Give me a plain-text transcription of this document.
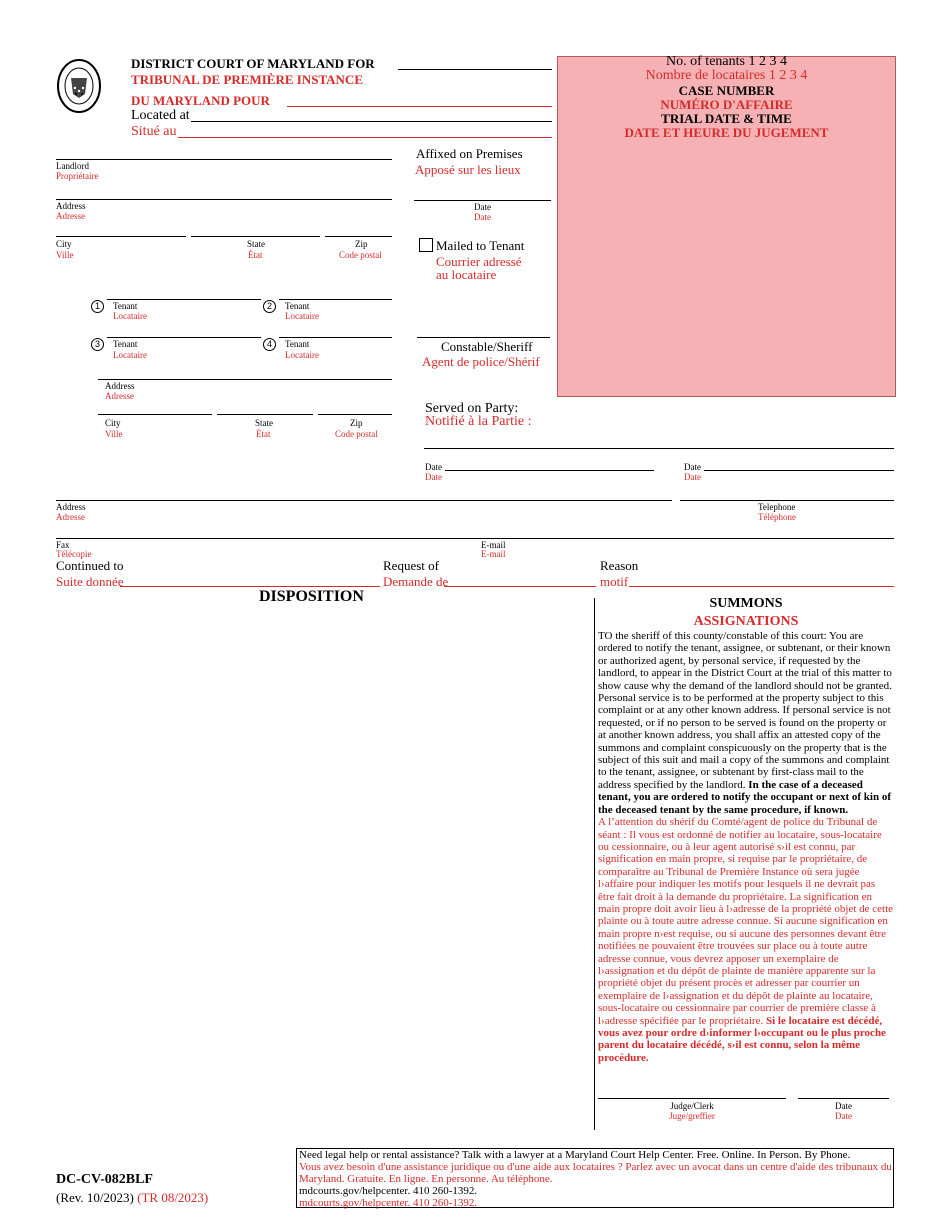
DISTRICT COURT OF MARYLAND FOR
TRIBUNAL DE PREMIÈRE INSTANCE
DU MARYLAND POUR
Located at
Situé au
No. of tenants 1 2 3 4
Nombre de locataires 1 2 3 4
CASE NUMBER
NUMÉRO D'AFFAIRE
TRIAL DATE & TIME
DATE ET HEURE DU JUGEMENT
Landlord
Propriétaire
Address
Adresse
City
Ville
State
État
Zip
Code postal
Affixed on Premises
Apposé sur les lieux
Date
Date
Mailed to Tenant
Courrier adressé
au locataire
1	Tenant
Locataire
2	Tenant
Locataire
3	Tenant
Locataire
4	Tenant
Locataire
Address
Adresse
City
Ville
State
État
Zip
Code postal
Constable/Sheriff
Agent de police/Shérif
Served on Party:
Notifié à la Partie :
Date
Date
Date
Date
Address
Adresse
Telephone
Téléphone
Fax
Télécopie
E-mail
E-mail
Continued to
Suite donnée
Request of
Demande de
Reason
motif
DISPOSITION	SUMMONS
ASSIGNATIONS

TO the sheriff of this county/constable of this court: You are ordered to notify the tenant, assignee, or subtenant, or their known or authorized agent, by personal service, if requested by the landlord, to appear in the District Court at the trial of this matter to show cause why the demand of the landlord should not be granted. Personal service is to be performed at the property subject to this complaint or at any other known address. If personal service is not requested, or if no person to be served is found on the property or at another known address, you shall affix an attested copy of the summons and complaint conspicuously on the property that is the subject of this suit and mail a copy of the summons and complaint to the tenant, assignee, or subtenant by first-class mail to the address specified by the landlord. In the case of a deceased tenant, you are ordered to notify the occupant or next of kin of the deceased tenant by the same procedure, if known.

A l’attention du shérif du Comté/agent de police du Tribunal de séant : Il vous est ordonné de notifier au locataire, sous-locataire ou cessionnaire, ou à leur agent autorisé s›il est connu, par signification en main propre, si requise par le propriétaire, de comparaître au Tribunal de Première Instance où sera jugée l›affaire pour indiquer les motifs pour lesquels il ne devrait pas être fait droit à la demande du propriétaire. La signification en main propre doit avoir lieu à l›adresse de la propriété objet de cette plainte ou à toute autre adresse connue. Si aucune signification en main propre n›est requise, ou si aucune des personnes devant être notifiées ne pouvaient être trouvées sur place ou à toute autre adresse connue, vous devrez apposer un exemplaire de l›assignation et du dépôt de plainte de manière apparente sur la propriété objet du présent procès et adresser par courrier un exemplaire de l›assignation et du dépôt de plainte au locataire, sous-locataire ou cessionnaire par courrier de première classe à l›adresse spécifiée par le propriétaire. Si le locataire est décédé, vous avez pour ordre d›informer l›occupant ou le plus proche parent du locataire décédé, s›il est connu, selon la même procédure.

Judge/Clerk
Juge/greffier
Date
Date
DC-CV-082BLF
(Rev. 10/2023) (TR 08/2023)
Need legal help or rental assistance? Talk with a lawyer at a Maryland Court Help Center. Free. Online. In Person. By Phone.
Vous avez besoin d'une assistance juridique ou d'une aide aux locataires ? Parlez avec un avocat dans un centre d'aide des tribunaux du Maryland. Gratuite. En ligne. En personne. Au téléphone.
mdcourts.gov/helpcenter. 410 260-1392.
mdcourts.gov/helpcenter. 410 260-1392.
